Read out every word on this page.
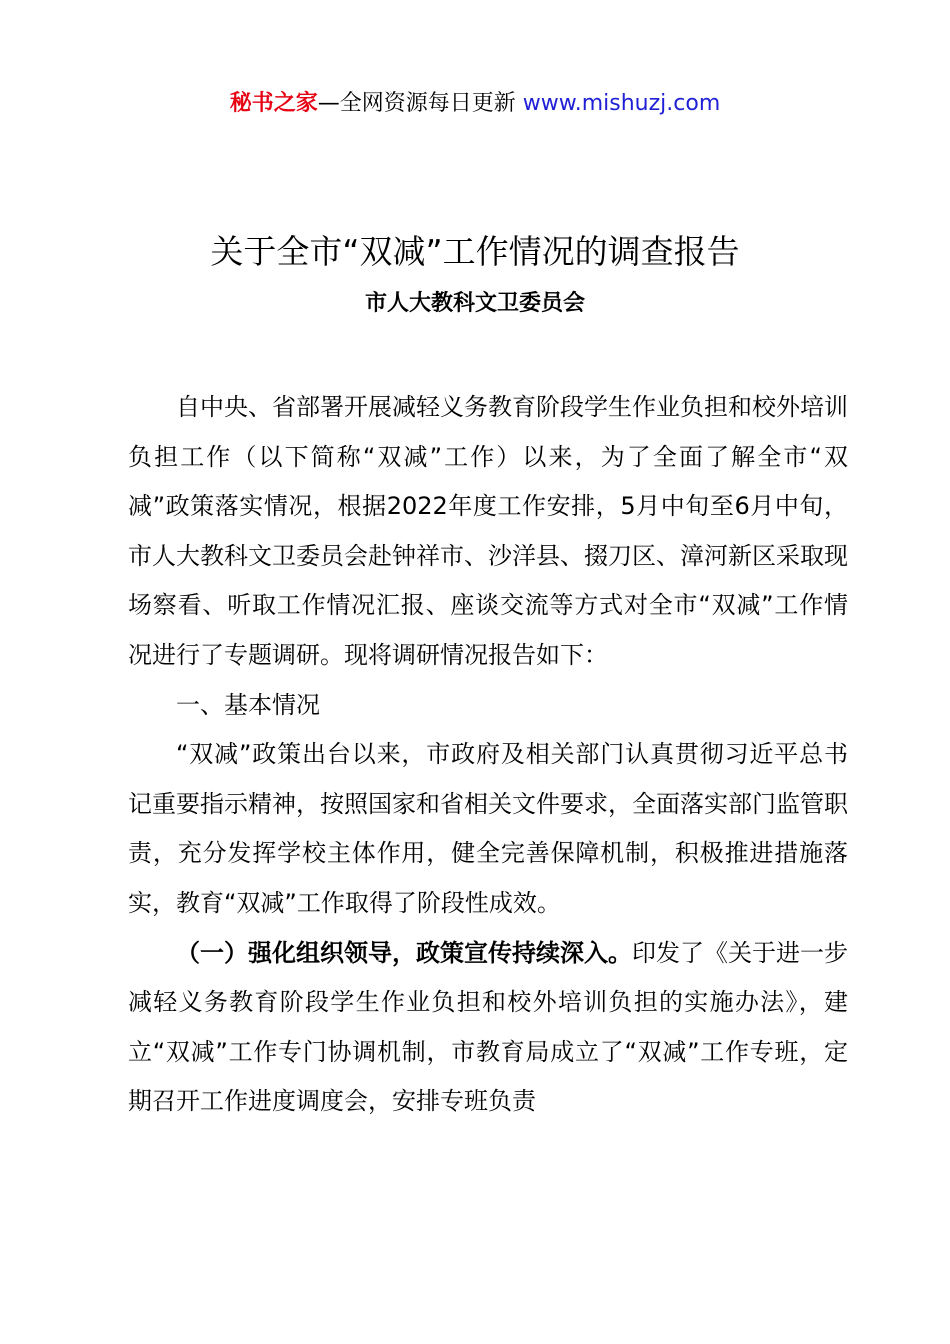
秘书之家—全网资源每日更新 www.mishuzj.com
关于全市“双减”工作情况的调查报告
市人大教科文卫委员会

自中央、省部署开展减轻义务教育阶段学生作业负担和校外培训负担工作（以下简称“双减”工作）以来，为了全面了解全市“双减”政策落实情况，根据2022年度工作安排，5月中旬至6月中旬，市人大教科文卫委员会赴钟祥市、沙洋县、掇刀区、漳河新区采取现场察看、听取工作情况汇报、座谈交流等方式对全市“双减”工作情况进行了专题调研。现将调研情况报告如下：

一、基本情况

“双减”政策出台以来，市政府及相关部门认真贯彻习近平总书记重要指示精神，按照国家和省相关文件要求，全面落实部门监管职责，充分发挥学校主体作用，健全完善保障机制，积极推进措施落实，教育“双减”工作取得了阶段性成效。

（一）强化组织领导，政策宣传持续深入。印发了《关于进一步减轻义务教育阶段学生作业负担和校外培训负担的实施办法》，建立“双减”工作专门协调机制，市教育局成立了“双减”工作专班，定期召开工作进度调度会，安排专班负责
